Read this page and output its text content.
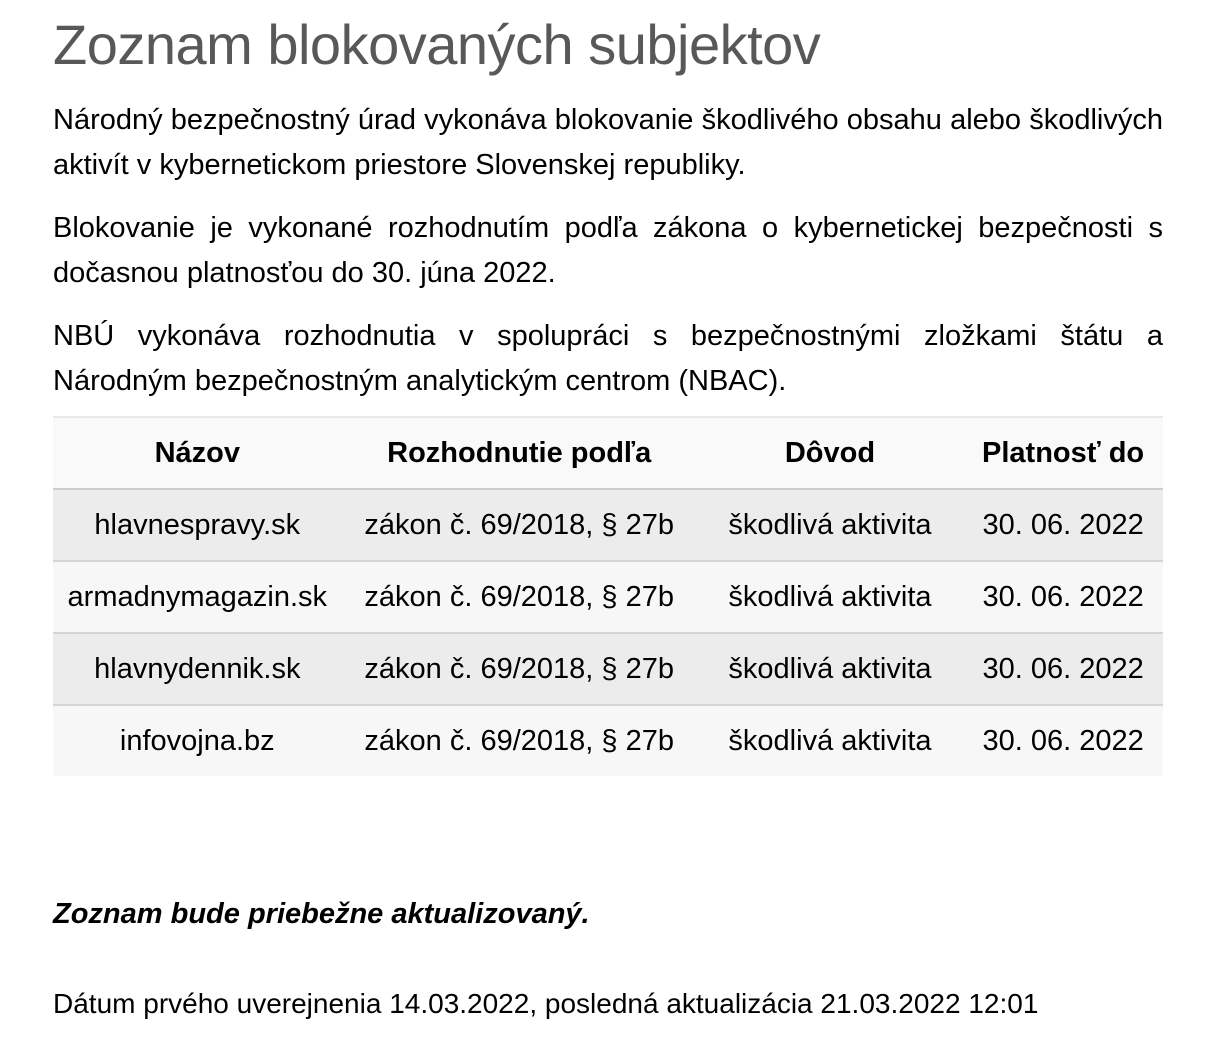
Zoznam blokovaných subjektov

Národný bezpečnostný úrad vykonáva blokovanie škodlivého obsahu alebo škodlivých aktivít v kybernetickom priestore Slovenskej republiky.

Blokovanie je vykonané rozhodnutím podľa zákona o kybernetickej bezpečnosti s dočasnou platnosťou do 30. júna 2022.

NBÚ vykonáva rozhodnutia v spolupráci s bezpečnostnými zložkami štátu a Národným bezpečnostným analytickým centrom (NBAC).

Názov	Rozhodnutie podľa	Dôvod	Platnosť do
hlavnespravy.sk	zákon č. 69/2018, § 27b	škodlivá aktivita	30. 06. 2022
armadnymagazin.sk	zákon č. 69/2018, § 27b	škodlivá aktivita	30. 06. 2022
hlavnydennik.sk	zákon č. 69/2018, § 27b	škodlivá aktivita	30. 06. 2022
infovojna.bz	zákon č. 69/2018, § 27b	škodlivá aktivita	30. 06. 2022

Zoznam bude priebežne aktualizovaný.

Dátum prvého uverejnenia 14.03.2022, posledná aktualizácia 21.03.2022 12:01
